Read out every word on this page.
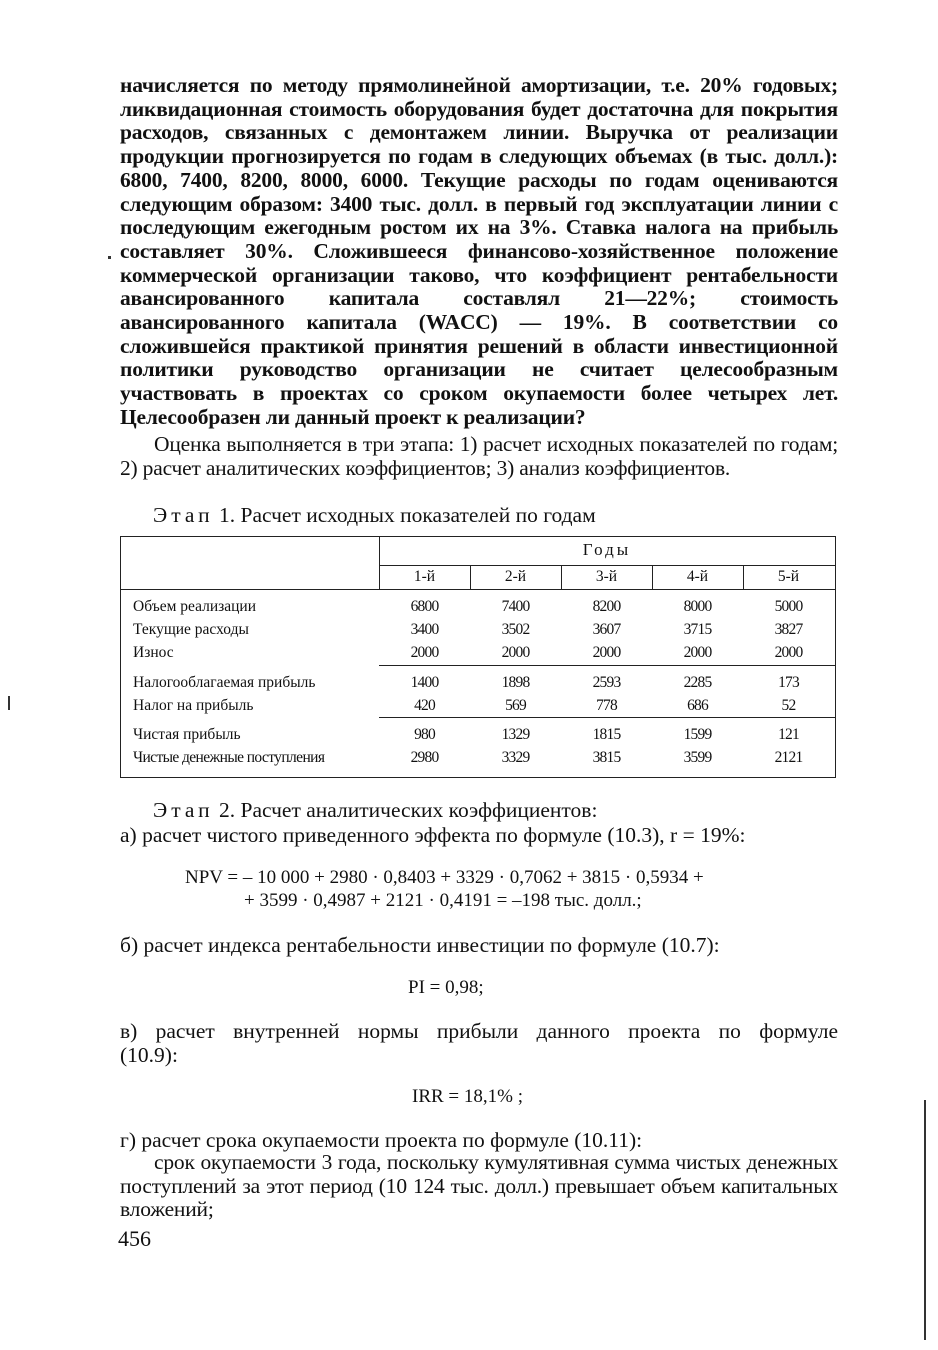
начисляется по методу прямолинейной амортизации, т.е. 20% годовых; ликвидационная стоимость оборудования будет достаточна для покрытия расходов, связанных с демонтажем линии. Выручка от реализации продукции прогнозируется по годам в следующих объемах (в тыс. долл.): 6800, 7400, 8200, 8000, 6000. Текущие расходы по годам оцениваются следующим образом: 3400 тыс. долл. в первый год эксплуатации линии с последующим ежегодным ростом их на 3%. Ставка налога на прибыль составляет 30%. Сложившееся финансово-хозяйственное положение коммерческой организации таково, что коэффициент рентабельности авансированного капитала составлял 21—22%; стоимость авансированного капитала (WACC) — 19%. В соответствии со сложившейся практикой принятия решений в области инвестиционной политики руководство организации не считает целесообразным участвовать в проектах со сроком окупаемости более четырех лет. Целесообразен ли данный проект к реализации?
Оценка выполняется в три этапа: 1) расчет исходных показателей по годам; 2) расчет аналитических коэффициентов; 3) анализ коэффициентов.
Этап 1. Расчет исходных показателей по годам
Годы
1-й	2-й	3-й	4-й	5-й
Объем реализации	6800	7400	8200	8000	5000
Текущие расходы	3400	3502	3607	3715	3827
Износ	2000	2000	2000	2000	2000
Налогооблагаемая прибыль	1400	1898	2593	2285	173
Налог на прибыль	420	569	778	686	52
Чистая прибыль	980	1329	1815	1599	121
Чистые денежные поступления	2980	3329	3815	3599	2121
Этап 2. Расчет аналитических коэффициентов:
а) расчет чистого приведенного эффекта по формуле (10.3), r = 19%:
NPV = – 10 000 + 2980 · 0,8403 + 3329 · 0,7062 + 3815 · 0,5934 +
+ 3599 · 0,4987 + 2121 · 0,4191 = –198 тыс. долл.;
б) расчет индекса рентабельности инвестиции по формуле (10.7):
PI = 0,98;
в) расчет внутренней нормы прибыли данного проекта по формуле
(10.9):
IRR = 18,1% ;
г) расчет срока окупаемости проекта по формуле (10.11):
срок окупаемости 3 года, поскольку кумулятивная сумма чистых денежных поступлений за этот период (10 124 тыс. долл.) превышает объем капитальных вложений;
456
